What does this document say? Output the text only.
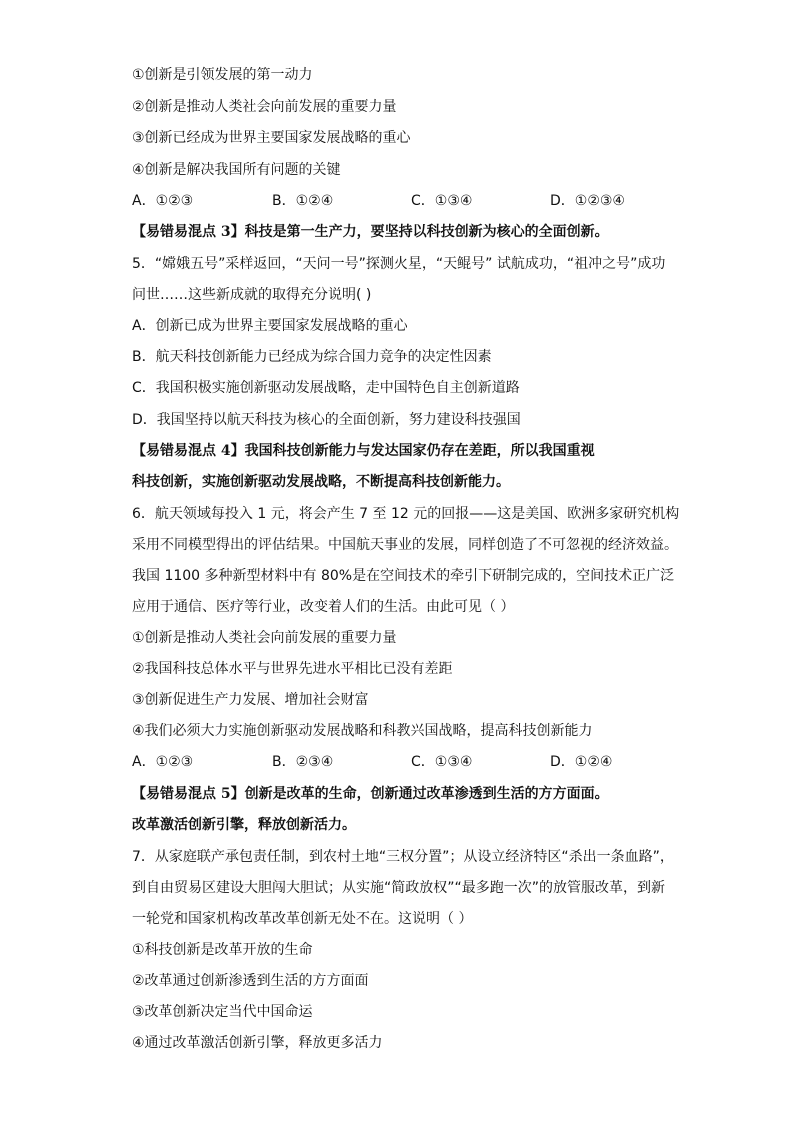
①创新是引领发展的第一动力
②创新是推动人类社会向前发展的重要力量
③创新已经成为世界主要国家发展战略的重心
④创新是解决我国所有问题的关键
A．①②③	B．①②④	C．①③④	D．①②③④
【易错易混点 3】科技是第一生产力，要坚持以科技创新为核心的全面创新。
5．“嫦娥五号”采样返回，“天问一号”探测火星，“天鲲号” 试航成功，“祖冲之号”成功
问世……这些新成就的取得充分说明( )
A．创新已成为世界主要国家发展战略的重心
B．航天科技创新能力已经成为综合国力竞争的决定性因素
C．我国积极实施创新驱动发展战略，走中国特色自主创新道路
D．我国坚持以航天科技为核心的全面创新，努力建设科技强国
【易错易混点 4】我国科技创新能力与发达国家仍存在差距，所以我国重视
科技创新，实施创新驱动发展战略，不断提高科技创新能力。
6．航天领域每投入 1 元，将会产生 7 至 12 元的回报——这是美国、欧洲多家研究机构
采用不同模型得出的评估结果。中国航天事业的发展，同样创造了不可忽视的经济效益。
我国 1100 多种新型材料中有 80%是在空间技术的牵引下研制完成的，空间技术正广泛
应用于通信、医疗等行业，改变着人们的生活。由此可见（ ）
①创新是推动人类社会向前发展的重要力量
②我国科技总体水平与世界先进水平相比已没有差距
③创新促进生产力发展、增加社会财富
④我们必须大力实施创新驱动发展战略和科教兴国战略，提高科技创新能力
A．①②③	B．②③④	C．①③④	D．①②④
【易错易混点 5】创新是改革的生命，创新通过改革渗透到生活的方方面面。
改革激活创新引擎，释放创新活力。
7．从家庭联产承包责任制，到农村土地“三权分置”；从设立经济特区“杀出一条血路”，
到自由贸易区建设大胆闯大胆试；从实施“简政放权”“最多跑一次”的放管服改革，到新
一轮党和国家机构改革改革创新无处不在。这说明（ ）
①科技创新是改革开放的生命
②改革通过创新渗透到生活的方方面面
③改革创新决定当代中国命运
④通过改革激活创新引擎，释放更多活力
